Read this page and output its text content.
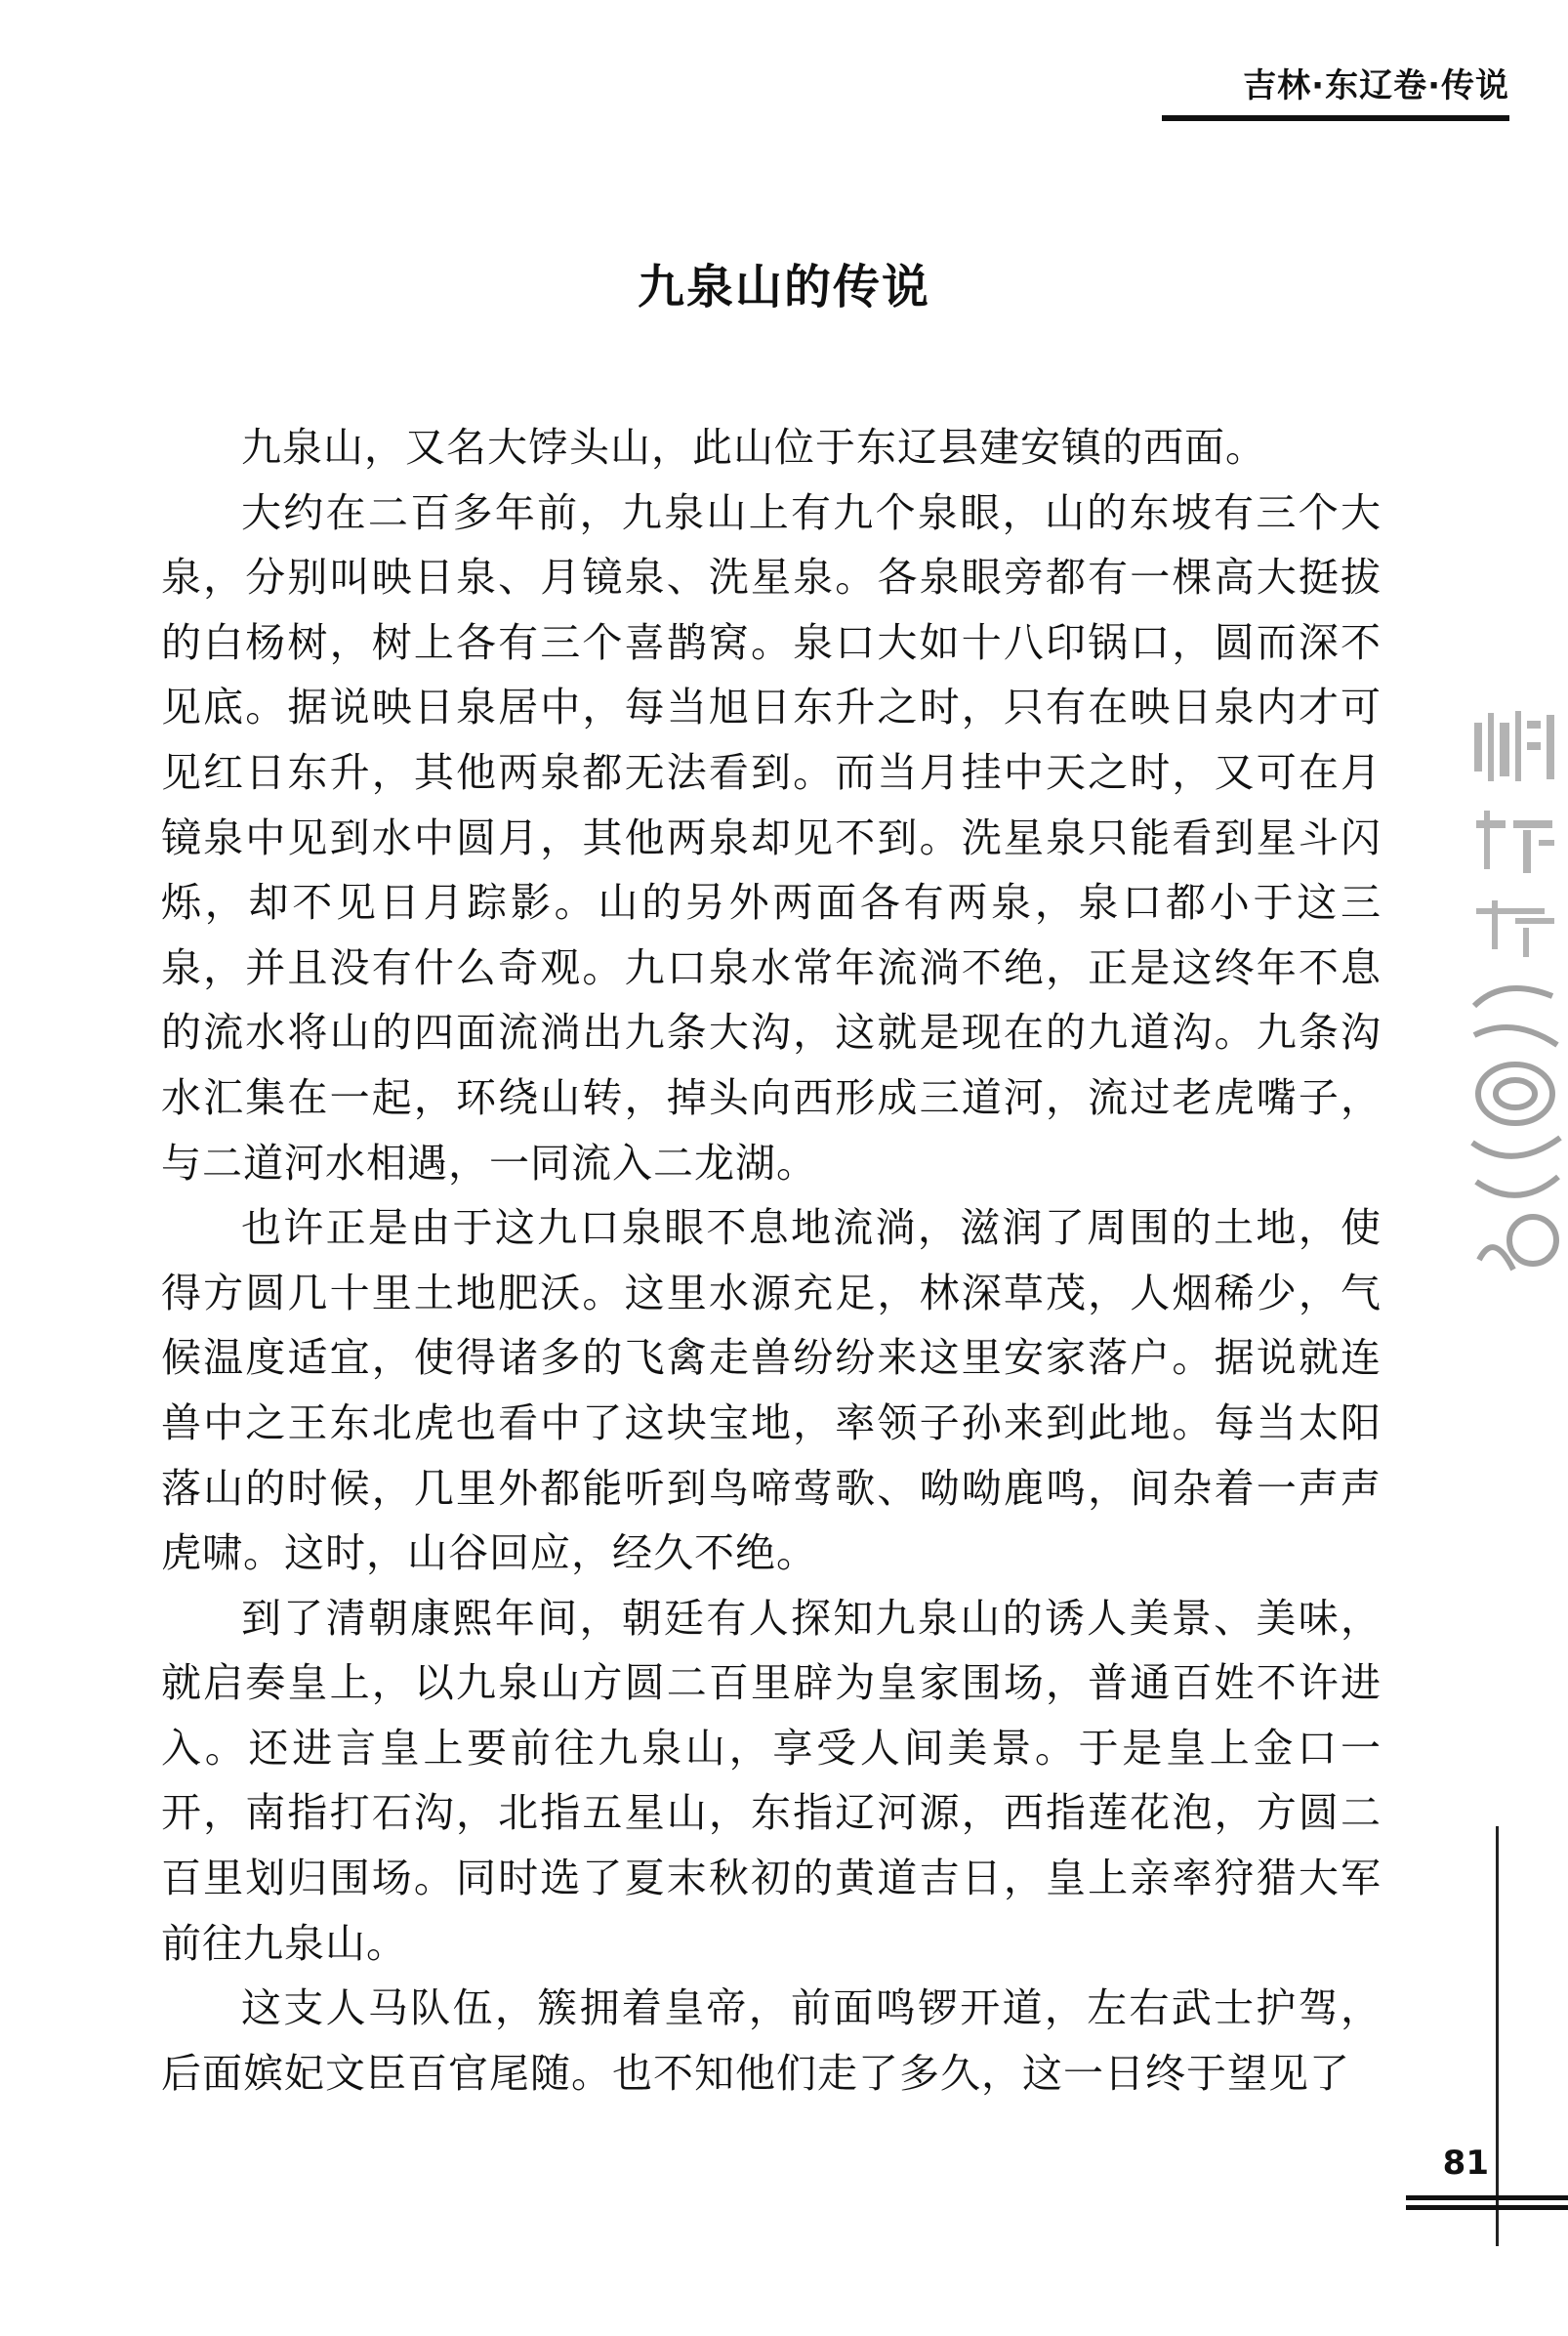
吉林·东辽卷·传说
九泉山的传说

九泉山，又名大饽头山，此山位于东辽县建安镇的西面。

大约在二百多年前，九泉山上有九个泉眼，山的东坡有三个大泉，分别叫映日泉、月镜泉、洗星泉。各泉眼旁都有一棵高大挺拔的白杨树，树上各有三个喜鹊窝。泉口大如十八印锅口，圆而深不见底。据说映日泉居中，每当旭日东升之时，只有在映日泉内才可见红日东升，其他两泉都无法看到。而当月挂中天之时，又可在月镜泉中见到水中圆月，其他两泉却见不到。洗星泉只能看到星斗闪烁，却不见日月踪影。山的另外两面各有两泉，泉口都小于这三泉，并且没有什么奇观。九口泉水常年流淌不绝，正是这终年不息的流水将山的四面流淌出九条大沟，这就是现在的九道沟。九条沟水汇集在一起，环绕山转，掉头向西形成三道河，流过老虎嘴子，与二道河水相遇，一同流入二龙湖。

也许正是由于这九口泉眼不息地流淌，滋润了周围的土地，使得方圆几十里土地肥沃。这里水源充足，林深草茂，人烟稀少，气候温度适宜，使得诸多的飞禽走兽纷纷来这里安家落户。据说就连兽中之王东北虎也看中了这块宝地，率领子孙来到此地。每当太阳落山的时候，几里外都能听到鸟啼莺歌、呦呦鹿鸣，间杂着一声声虎啸。这时，山谷回应，经久不绝。

到了清朝康熙年间，朝廷有人探知九泉山的诱人美景、美味，就启奏皇上，以九泉山方圆二百里辟为皇家围场，普通百姓不许进入。还进言皇上要前往九泉山，享受人间美景。于是皇上金口一开，南指打石沟，北指五星山，东指辽河源，西指莲花泡，方圆二百里划归围场。同时选了夏末秋初的黄道吉日，皇上亲率狩猎大军前往九泉山。

这支人马队伍，簇拥着皇帝，前面鸣锣开道，左右武士护驾，后面嫔妃文臣百官尾随。也不知他们走了多久，这一日终于望见了

81
